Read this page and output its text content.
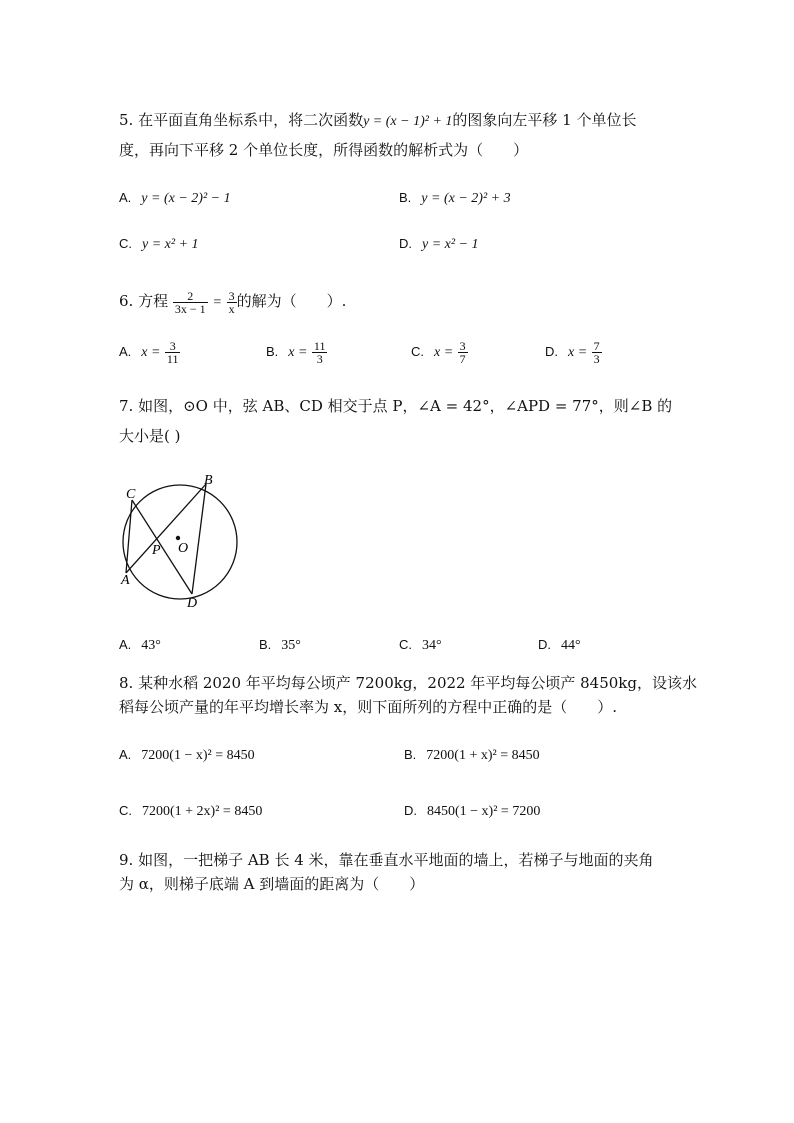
5. 在平面直角坐标系中，将二次函数y = (x − 1)² + 1的图象向左平移 1 个单位长
度，再向下平移 2 个单位长度，所得函数的解析式为（　　）
A. y = (x − 2)² − 1	B. y = (x − 2)² + 3
C. y = x² + 1	D. y = x² − 1
6. 方程 $\frac{2}{3x - 1} = \frac{3}{x}$ 的解为（　　）.
A. $x = \frac{3}{11}$	B. $x = \frac{11}{3}$	C. $x = \frac{3}{7}$	D. $x = \frac{7}{3}$
7. 如图，⊙O 中，弦 AB、CD 相交于点 P，∠A = 42°，∠APD = 77°，则∠B 的
大小是( )
C
B
A
D
P O
A. 43°	B. 35°	C. 34°	D. 44°
8. 某种水稻 2020 年平均每公顷产 7200kg，2022 年平均每公顷产 8450kg，设该水
稻每公顷产量的年平均增长率为 x，则下面所列的方程中正确的是（　　）.
A. 7200(1 − x)² = 8450	B. 7200(1 + x)² = 8450
C. 7200(1 + 2x)² = 8450	D. 8450(1 − x)² = 7200
9. 如图，一把梯子 AB 长 4 米，靠在垂直水平地面的墙上，若梯子与地面的夹角
为 α，则梯子底端 A 到墙面的距离为（　　）
